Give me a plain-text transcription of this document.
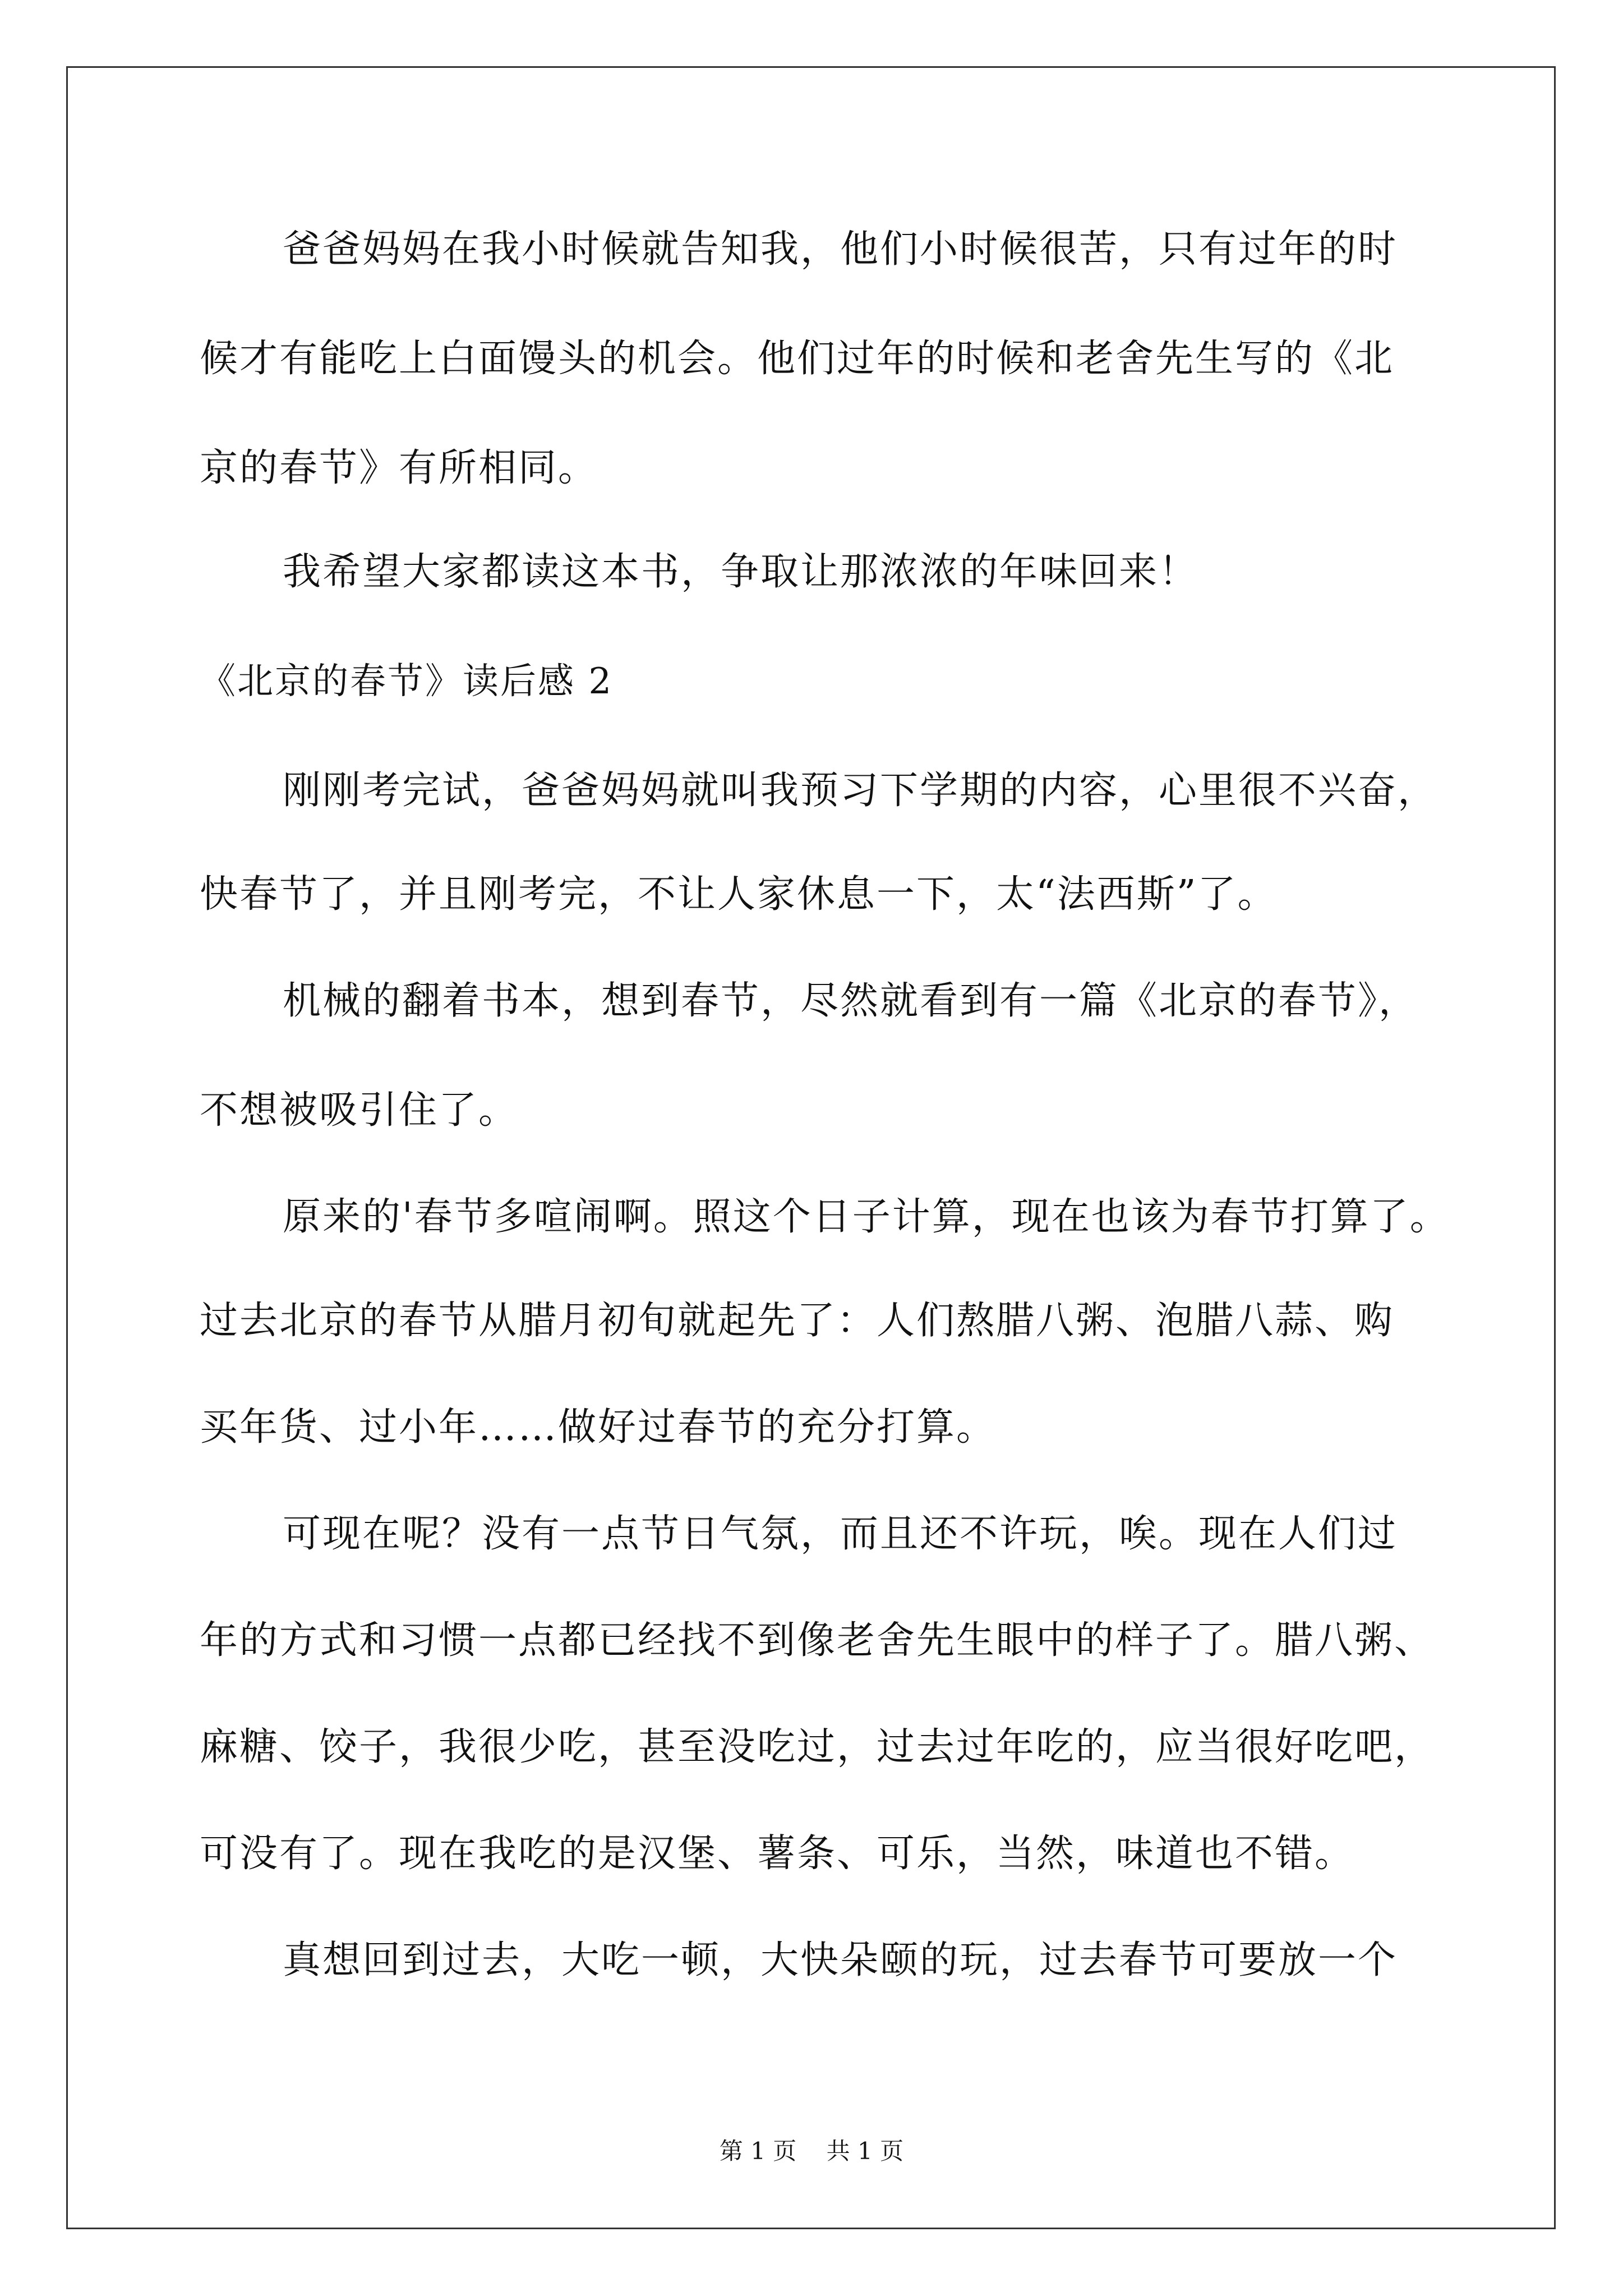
爸爸妈妈在我小时候就告知我，他们小时候很苦，只有过年的时
候才有能吃上白面馒头的机会。他们过年的时候和老舍先生写的《北
京的春节》有所相同。
我希望大家都读这本书，争取让那浓浓的年味回来！
《北京的春节》读后感 2
刚刚考完试，爸爸妈妈就叫我预习下学期的内容，心里很不兴奋，
快春节了，并且刚考完，不让人家休息一下，太“法西斯”了。
机械的翻着书本，想到春节，尽然就看到有一篇《北京的春节》，
不想被吸引住了。
原来的'春节多喧闹啊。照这个日子计算，现在也该为春节打算了。
过去北京的春节从腊月初旬就起先了：人们熬腊八粥、泡腊八蒜、购
买年货、过小年……做好过春节的充分打算。
可现在呢？没有一点节日气氛，而且还不许玩，唉。现在人们过
年的方式和习惯一点都已经找不到像老舍先生眼中的样子了。腊八粥、
麻糖、饺子，我很少吃，甚至没吃过，过去过年吃的，应当很好吃吧，
可没有了。现在我吃的是汉堡、薯条、可乐，当然，味道也不错。
真想回到过去，大吃一顿，大快朵颐的玩，过去春节可要放一个
第 1 页 共 1 页
